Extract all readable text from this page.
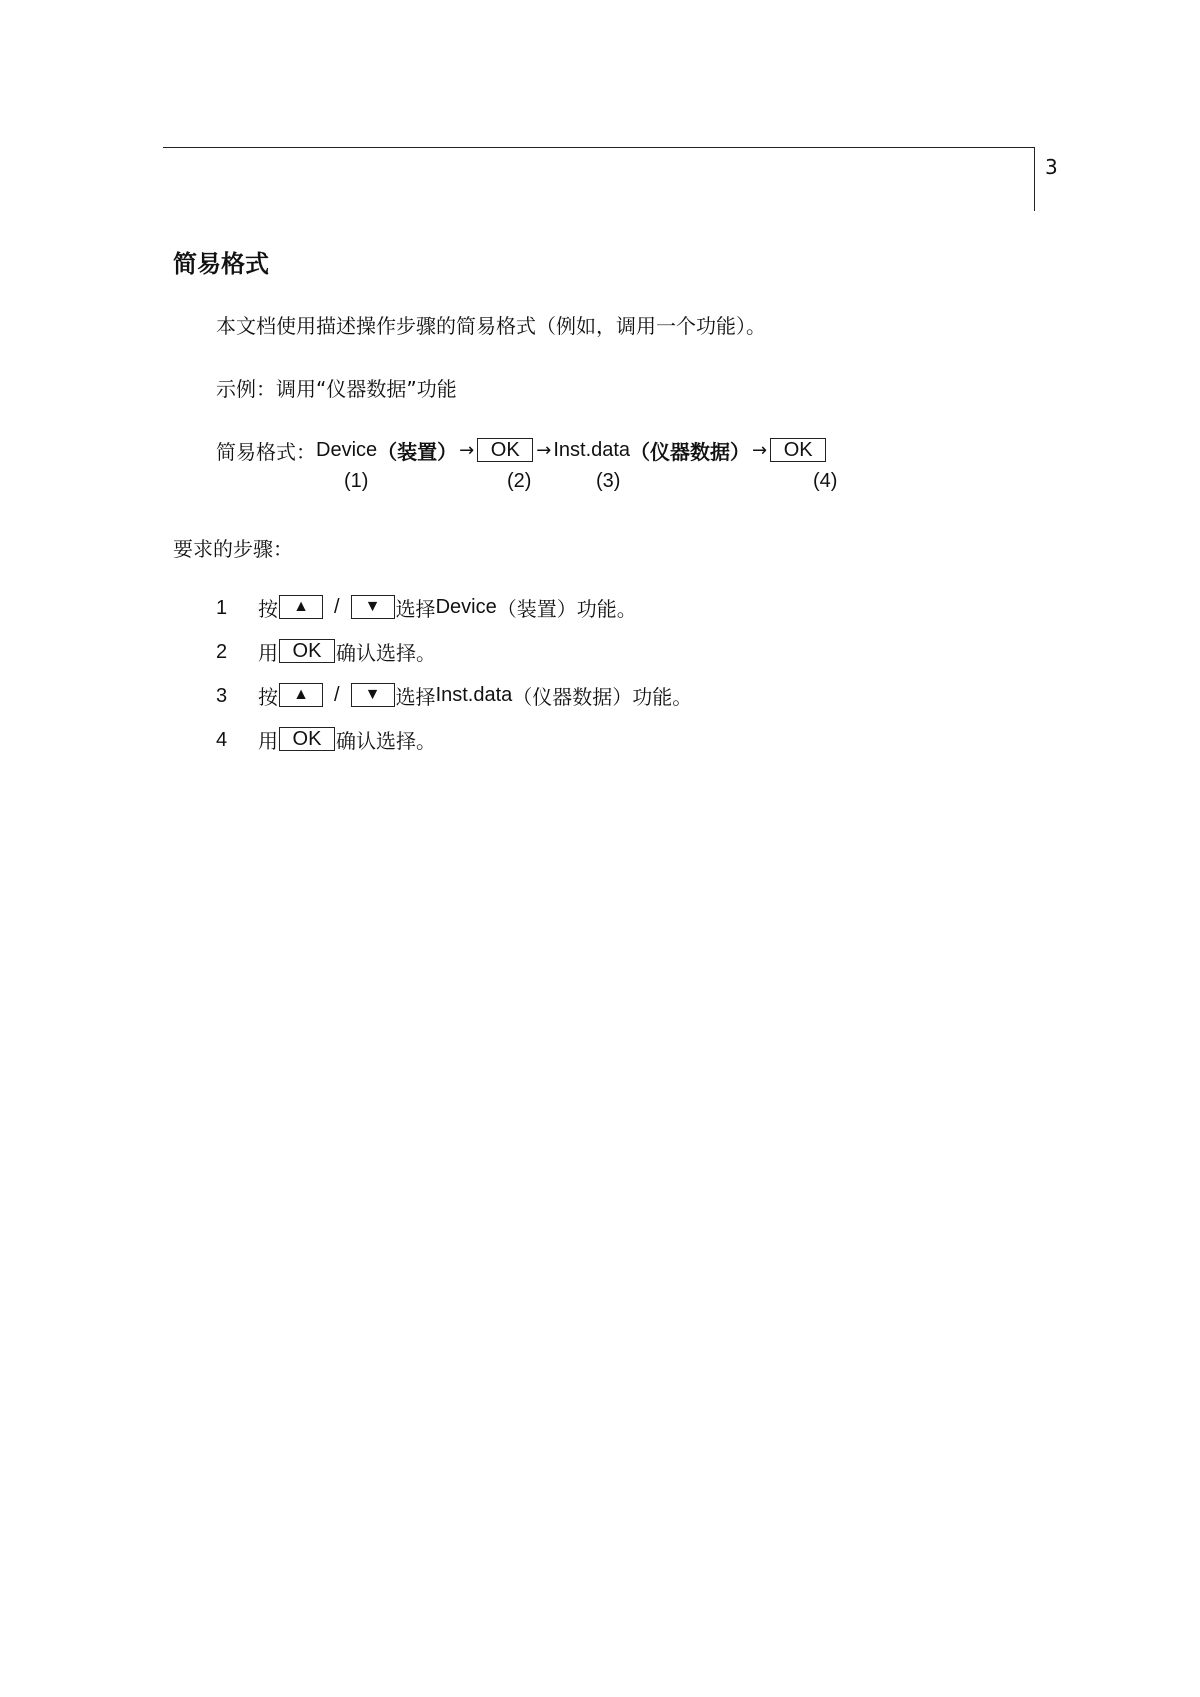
3
简易格式
本文档使用描述操作步骤的简易格式（例如，调用一个功能）。
示例：调用“仪器数据”功能
简易格式： Device （装置） → OK → Inst.data （仪器数据） → OK
(1)	(2)	(3)	(4)
要求的步骤：
1 按 ▲	/	▼ 选择 Device （装置）功能。
2 用 OK 确认选择。
3 按 ▲	/	▼ 选择 Inst.data （仪器数据）功能。
4 用 OK 确认选择。
